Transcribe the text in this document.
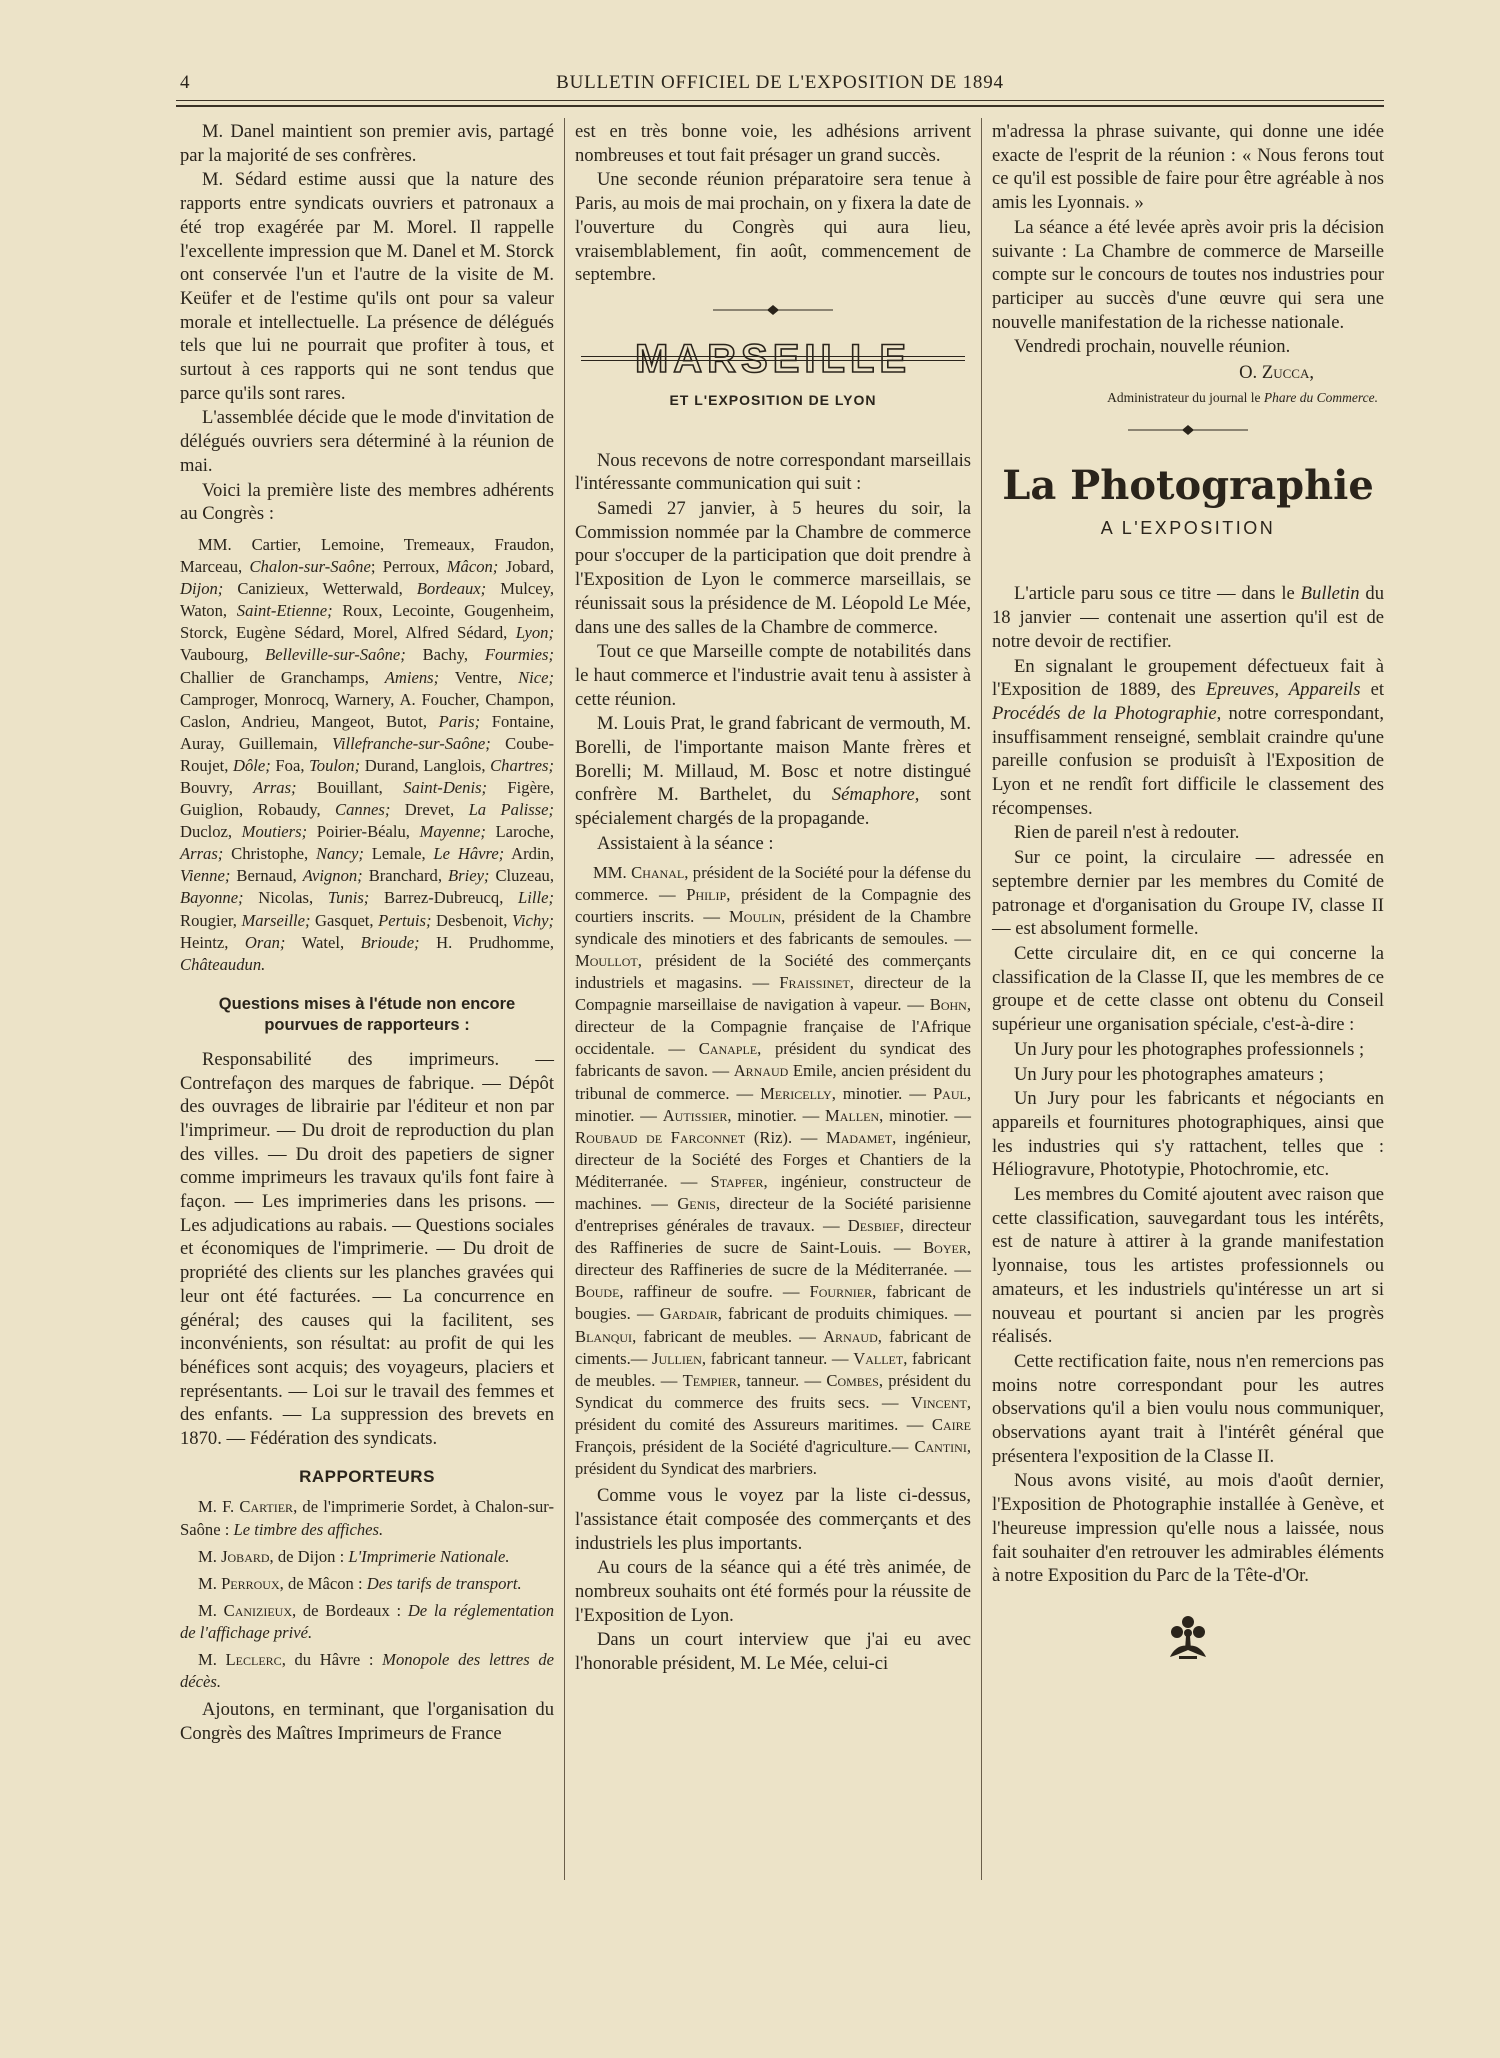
4	BULLETIN OFFICIEL DE L'EXPOSITION DE 1894

M. Danel maintient son premier avis, partagé par la majorité de ses confrères.

M. Sédard estime aussi que la nature des rapports entre syndicats ouvriers et patronaux a été trop exagérée par M. Morel. Il rappelle l'excellente impression que M. Danel et M. Storck ont conservée l'un et l'autre de la visite de M. Keüfer et de l'estime qu'ils ont pour sa valeur morale et intellectuelle. La présence de délégués tels que lui ne pourrait que profiter à tous, et surtout à ces rapports qui ne sont tendus que parce qu'ils sont rares.

L'assemblée décide que le mode d'invitation de délégués ouvriers sera déterminé à la réunion de mai.

Voici la première liste des membres adhérents au Congrès :

MM. Cartier, Lemoine, Tremeaux, Fraudon, Marceau, Chalon-sur-Saône; Perroux, Mâcon; Jobard, Dijon; Canizieux, Wetterwald, Bordeaux; Mulcey, Waton, Saint-Etienne; Roux, Lecointe, Gougenheim, Storck, Eugène Sédard, Morel, Alfred Sédard, Lyon; Vaubourg, Belleville-sur-Saône; Bachy, Fourmies; Challier de Granchamps, Amiens; Ventre, Nice; Camproger, Monrocq, Warnery, A. Foucher, Champon, Caslon, Andrieu, Mangeot, Butot, Paris; Fontaine, Auray, Guillemain, Villefranche-sur-Saône; Coube-Roujet, Dôle; Foa, Toulon; Durand, Langlois, Chartres; Bouvry, Arras; Bouillant, Saint-Denis; Figère, Guiglion, Robaudy, Cannes; Drevet, La Palisse; Ducloz, Moutiers; Poirier-Béalu, Mayenne; Laroche, Arras; Christophe, Nancy; Lemale, Le Hâvre; Ardin, Vienne; Bernaud, Avignon; Branchard, Briey; Cluzeau, Bayonne; Nicolas, Tunis; Barrez-Dubreucq, Lille; Rougier, Marseille; Gasquet, Pertuis; Desbenoit, Vichy; Heintz, Oran; Watel, Brioude; H. Prudhomme, Châteaudun.

Questions mises à l'étude non encore pourvues de rapporteurs :

Responsabilité des imprimeurs. — Contrefaçon des marques de fabrique. — Dépôt des ouvrages de librairie par l'éditeur et non par l'imprimeur. — Du droit de reproduction du plan des villes. — Du droit des papetiers de signer comme imprimeurs les travaux qu'ils font faire à façon. — Les imprimeries dans les prisons. — Les adjudications au rabais. — Questions sociales et économiques de l'imprimerie. — Du droit de propriété des clients sur les planches gravées qui leur ont été facturées. — La concurrence en général; des causes qui la facilitent, ses inconvénients, son résultat: au profit de qui les bénéfices sont acquis; des voyageurs, placiers et représentants. — Loi sur le travail des femmes et des enfants. — La suppression des brevets en 1870. — Fédération des syndicats.

RAPPORTEURS

M. F. Cartier, de l'imprimerie Sordet, à Chalon-sur-Saône : Le timbre des affiches.

M. Jobard, de Dijon : L'Imprimerie Nationale.

M. Perroux, de Mâcon : Des tarifs de transport.

M. Canizieux, de Bordeaux : De la réglementation de l'affichage privé.

M. Leclerc, du Hâvre : Monopole des lettres de décès.

Ajoutons, en terminant, que l'organisation du Congrès des Maîtres Imprimeurs de France

est en très bonne voie, les adhésions arrivent nombreuses et tout fait présager un grand succès.

Une seconde réunion préparatoire sera tenue à Paris, au mois de mai prochain, on y fixera la date de l'ouverture du Congrès qui aura lieu, vraisemblablement, fin août, commencement de septembre.

MARSEILLE
ET L'EXPOSITION DE LYON

Nous recevons de notre correspondant marseillais l'intéressante communication qui suit :

Samedi 27 janvier, à 5 heures du soir, la Commission nommée par la Chambre de commerce pour s'occuper de la participation que doit prendre à l'Exposition de Lyon le commerce marseillais, se réunissait sous la présidence de M. Léopold Le Mée, dans une des salles de la Chambre de commerce.

Tout ce que Marseille compte de notabilités dans le haut commerce et l'industrie avait tenu à assister à cette réunion.

M. Louis Prat, le grand fabricant de vermouth, M. Borelli, de l'importante maison Mante frères et Borelli; M. Millaud, M. Bosc et notre distingué confrère M. Barthelet, du Sémaphore, sont spécialement chargés de la propagande.

Assistaient à la séance :

MM. Chanal, président de la Société pour la défense du commerce. — Philip, président de la Compagnie des courtiers inscrits. — Moulin, président de la Chambre syndicale des minotiers et des fabricants de semoules. — Moullot, président de la Société des commerçants industriels et magasins. — Fraissinet, directeur de la Compagnie marseillaise de navigation à vapeur. — Bohn, directeur de la Compagnie française de l'Afrique occidentale. — Canaple, président du syndicat des fabricants de savon. — Arnaud Emile, ancien président du tribunal de commerce. — Mericelly, minotier. — Paul, minotier. — Autissier, minotier. — Mallen, minotier. — Roubaud de Farconnet (Riz). — Madamet, ingénieur, directeur de la Société des Forges et Chantiers de la Méditerranée. — Stapfer, ingénieur, constructeur de machines. — Genis, directeur de la Société parisienne d'entreprises générales de travaux. — Desbief, directeur des Raffineries de sucre de Saint-Louis. — Boyer, directeur des Raffineries de sucre de la Méditerranée. — Boude, raffineur de soufre. — Fournier, fabricant de bougies. — Gardair, fabricant de produits chimiques. — Blanqui, fabricant de meubles. — Arnaud, fabricant de ciments.— Jullien, fabricant tanneur. — Vallet, fabricant de meubles. — Tempier, tanneur. — Combes, président du Syndicat du commerce des fruits secs. — Vincent, président du comité des Assureurs maritimes. — Caire François, président de la Société d'agriculture.— Cantini, président du Syndicat des marbriers.

Comme vous le voyez par la liste ci-dessus, l'assistance était composée des commerçants et des industriels les plus importants.

Au cours de la séance qui a été très animée, de nombreux souhaits ont été formés pour la réussite de l'Exposition de Lyon.

Dans un court interview que j'ai eu avec l'honorable président, M. Le Mée, celui-ci

m'adressa la phrase suivante, qui donne une idée exacte de l'esprit de la réunion : « Nous ferons tout ce qu'il est possible de faire pour être agréable à nos amis les Lyonnais. »

La séance a été levée après avoir pris la décision suivante : La Chambre de commerce de Marseille compte sur le concours de toutes nos industries pour participer au succès d'une œuvre qui sera une nouvelle manifestation de la richesse nationale.

Vendredi prochain, nouvelle réunion.

O. Zucca,
Administrateur du journal le Phare du Commerce.
La Photographie
A L'EXPOSITION

L'article paru sous ce titre — dans le Bulletin du 18 janvier — contenait une assertion qu'il est de notre devoir de rectifier.

En signalant le groupement défectueux fait à l'Exposition de 1889, des Epreuves, Appareils et Procédés de la Photographie, notre correspondant, insuffisamment renseigné, semblait craindre qu'une pareille confusion se produisît à l'Exposition de Lyon et ne rendît fort difficile le classement des récompenses.

Rien de pareil n'est à redouter.

Sur ce point, la circulaire — adressée en septembre dernier par les membres du Comité de patronage et d'organisation du Groupe IV, classe II — est absolument formelle.

Cette circulaire dit, en ce qui concerne la classification de la Classe II, que les membres de ce groupe et de cette classe ont obtenu du Conseil supérieur une organisation spéciale, c'est-à-dire :

Un Jury pour les photographes professionnels ;

Un Jury pour les photographes amateurs ;

Un Jury pour les fabricants et négociants en appareils et fournitures photographiques, ainsi que les industries qui s'y rattachent, telles que : Héliogravure, Phototypie, Photochromie, etc.

Les membres du Comité ajoutent avec raison que cette classification, sauvegardant tous les intérêts, est de nature à attirer à la grande manifestation lyonnaise, tous les artistes professionnels ou amateurs, et les industriels qu'intéresse un art si nouveau et pourtant si ancien par les progrès réalisés.

Cette rectification faite, nous n'en remercions pas moins notre correspondant pour les autres observations qu'il a bien voulu nous communiquer, observations ayant trait à l'intérêt général que présentera l'exposition de la Classe II.

Nous avons visité, au mois d'août dernier, l'Exposition de Photographie installée à Genève, et l'heureuse impression qu'elle nous a laissée, nous fait souhaiter d'en retrouver les admirables éléments à notre Exposition du Parc de la Tête-d'Or.
